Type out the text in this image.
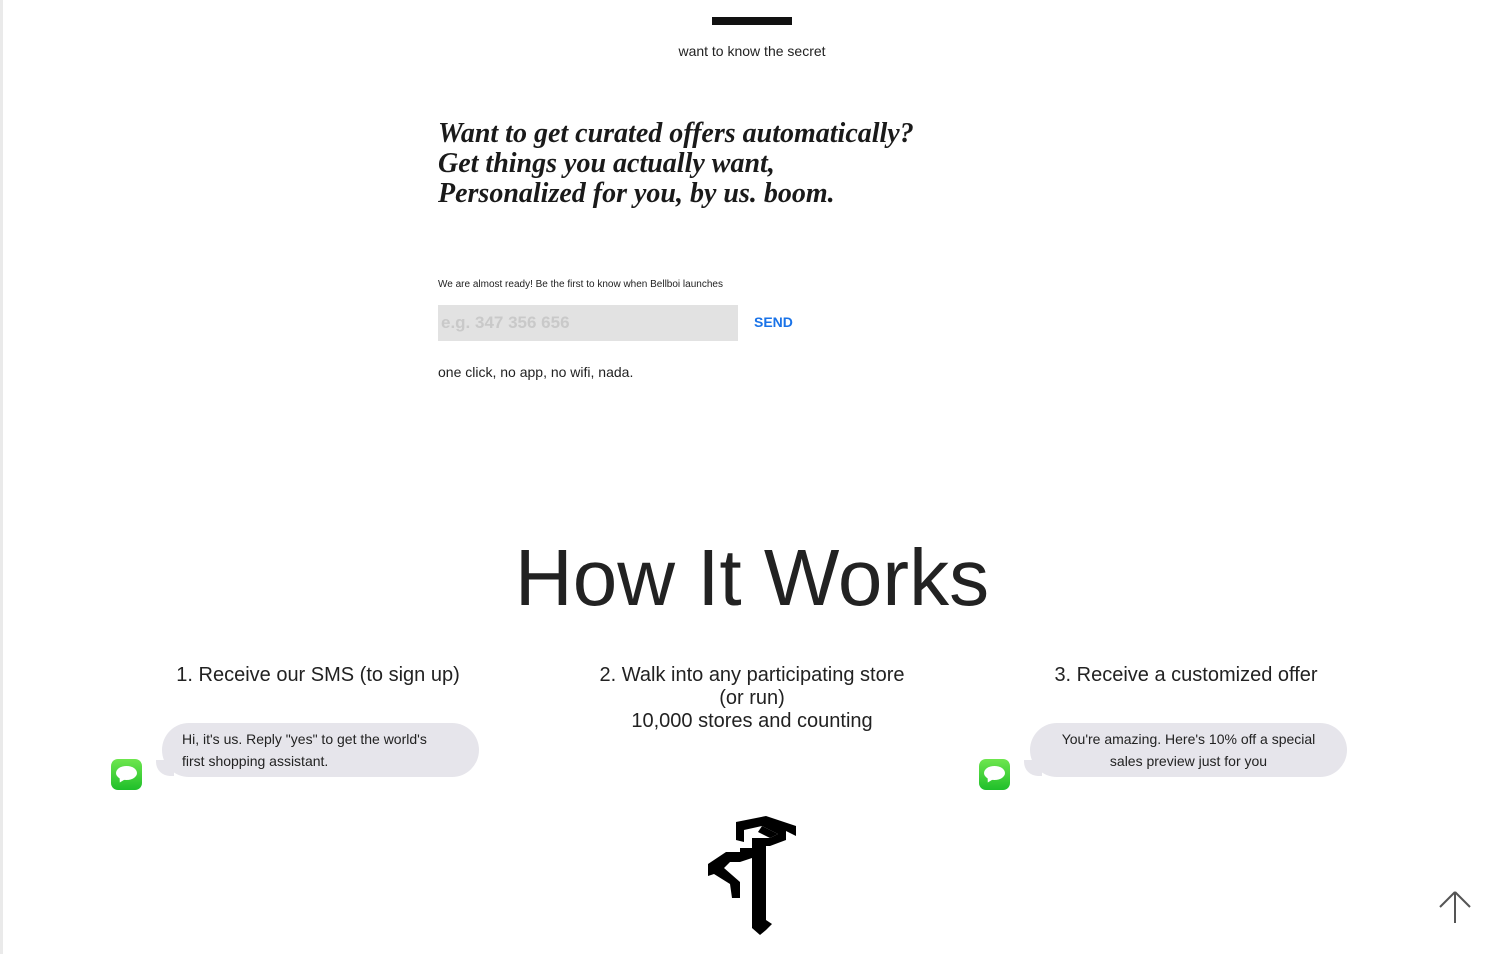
want to know the secret
Want to get curated offers automatically?
Get things you actually want,
Personalized for you, by us. boom.
We are almost ready! Be the first to know when Bellboi launches
e.g. 347 356 656
SEND
one click, no app, no wifi, nada.
How It Works
1. Receive our SMS (to sign up)	2. Walk into any participating store
(or run)
10,000 stores and counting
3. Receive a customized offer
Hi, it's us. Reply "yes" to get the world's
first shopping assistant.
You're amazing. Here's 10% off a special
sales preview just for you
